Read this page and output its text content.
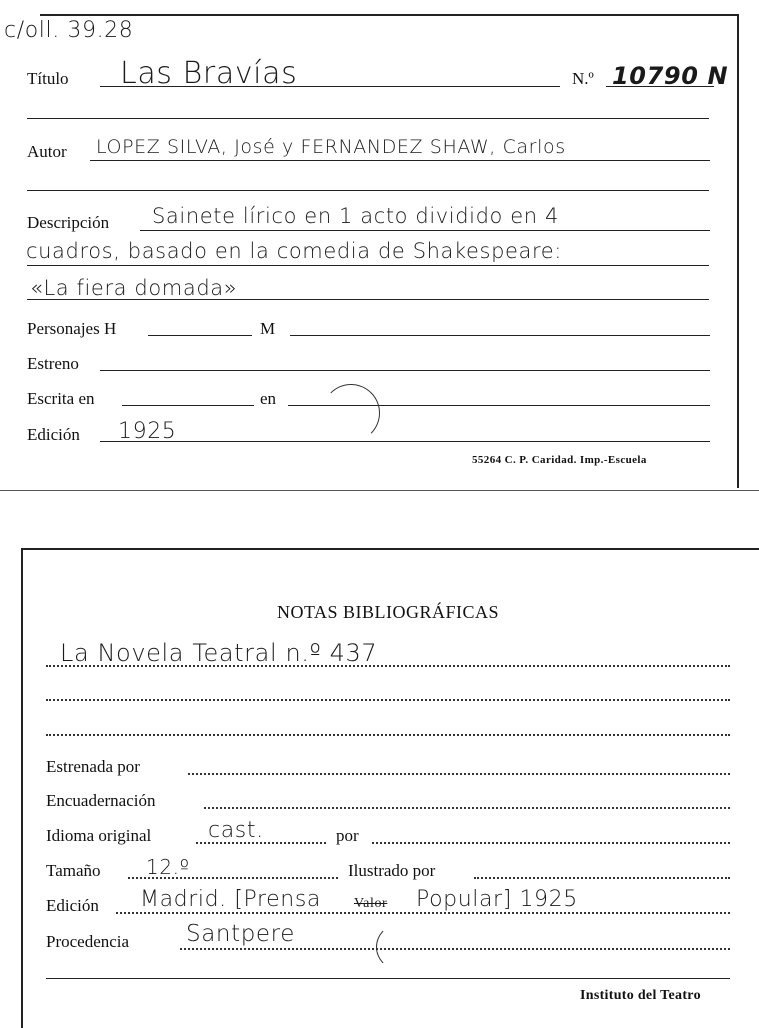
c/oll. 39.28
Título Las Bravías	N.º 10790 N
Autor LOPEZ SILVA, José y FERNANDEZ SHAW, Carlos
Descripción Sainete lírico en 1 acto dividido en 4
cuadros, basado en la comedia de Shakespeare:
«La fiera domada»
Personajes H	M
Estreno
Escrita en	en
Edición 1925
55264 C. P. Caridad. Imp.-Escuela
NOTAS BIBLIOGRÁFICAS
La Novela Teatral n.º 437
Estrenada por
Encuadernación
Idioma original	cast.	por
Tamaño 12.º	Ilustrado por
Edición Madrid. [Prensa Valor Popular] 1925
Procedencia Santpere
Instituto del Teatro
